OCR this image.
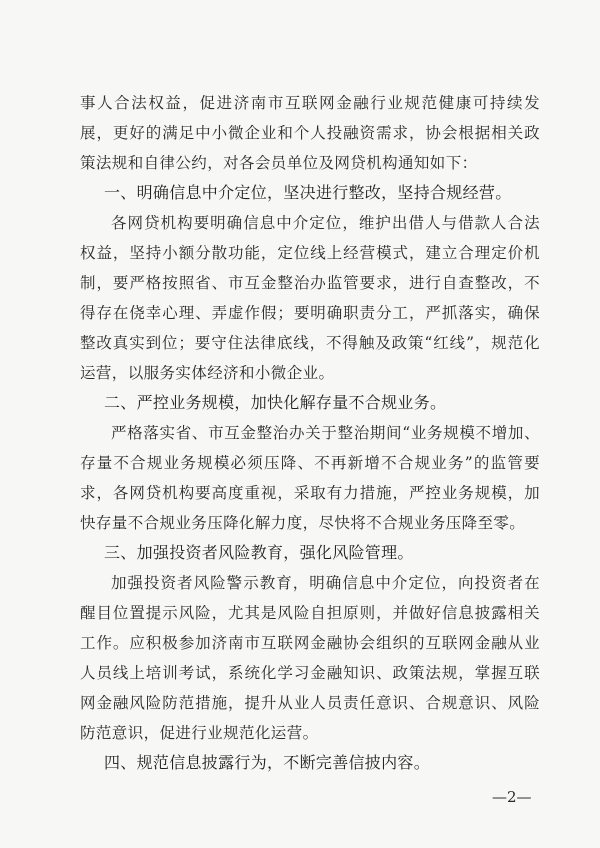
事人合法权益，促进济南市互联网金融行业规范健康可持续发展，更好的满足中小微企业和个人投融资需求，协会根据相关政策法规和自律公约，对各会员单位及网贷机构通知如下：

一、明确信息中介定位，坚决进行整改，坚持合规经营。

各网贷机构要明确信息中介定位，维护出借人与借款人合法权益，坚持小额分散功能，定位线上经营模式，建立合理定价机制，要严格按照省、市互金整治办监管要求，进行自查整改，不得存在侥幸心理、弄虚作假；要明确职责分工，严抓落实，确保整改真实到位；要守住法律底线，不得触及政策“红线”，规范化运营，以服务实体经济和小微企业。

二、严控业务规模，加快化解存量不合规业务。

严格落实省、市互金整治办关于整治期间“业务规模不增加、存量不合规业务规模必须压降、不再新增不合规业务”的监管要求，各网贷机构要高度重视，采取有力措施，严控业务规模，加快存量不合规业务压降化解力度，尽快将不合规业务压降至零。

三、加强投资者风险教育，强化风险管理。

加强投资者风险警示教育，明确信息中介定位，向投资者在醒目位置提示风险，尤其是风险自担原则，并做好信息披露相关工作。应积极参加济南市互联网金融协会组织的互联网金融从业人员线上培训考试，系统化学习金融知识、政策法规，掌握互联网金融风险防范措施，提升从业人员责任意识、合规意识、风险防范意识，促进行业规范化运营。

四、规范信息披露行为，不断完善信披内容。

—2—
